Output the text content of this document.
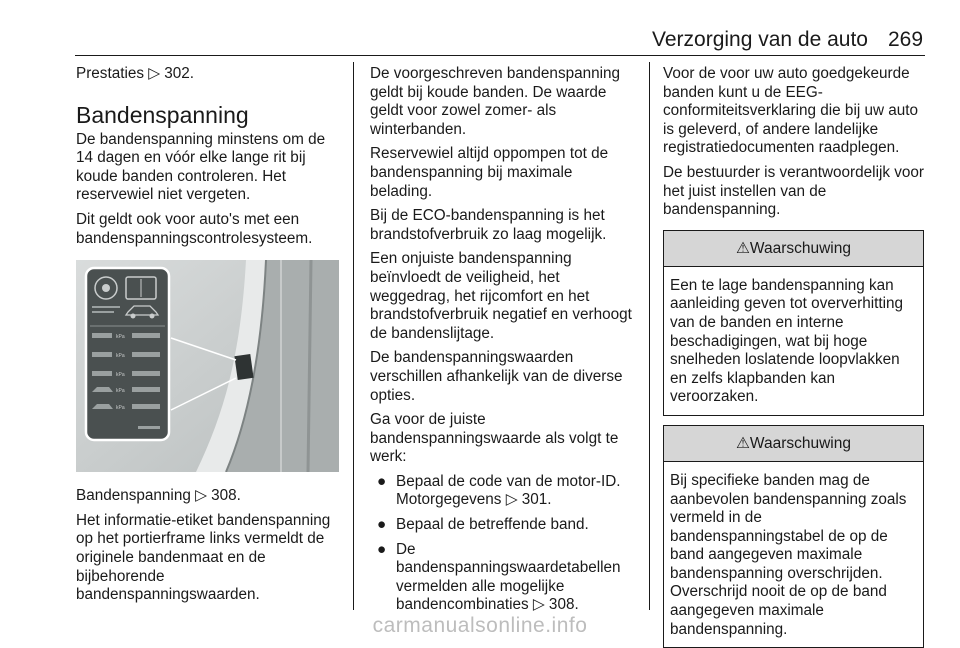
Verzorging van de auto 269

Prestaties ▷ 302.

Bandenspanning

De bandenspanning minstens om de 14 dagen en vóór elke lange rit bij koude banden controleren. Het reservewiel niet vergeten.

Dit geldt ook voor auto's met een bandenspanningscontrolesysteem.

kPa
kPa
kPa
kPa
kPa

Bandenspanning ▷ 308.

Het informatie-etiket bandenspanning op het portierframe links vermeldt de originele bandenmaat en de bijbehorende bandenspanningswaarden.

De voorgeschreven bandenspanning geldt bij koude banden. De waarde geldt voor zowel zomer- als winterbanden.

Reservewiel altijd oppompen tot de bandenspanning bij maximale belading.

Bij de ECO-bandenspanning is het brandstofverbruik zo laag mogelijk.

Een onjuiste bandenspanning beïnvloedt de veiligheid, het weggedrag, het rijcomfort en het brandstofverbruik negatief en verhoogt de bandenslijtage.

De bandenspanningswaarden verschillen afhankelijk van de diverse opties.

Ga voor de juiste bandenspanningswaarde als volgt te werk:

● Bepaal de code van de motor-ID. Motorgegevens ▷ 301.
● Bepaal de betreffende band.
● De bandenspanningswaardetabellen vermelden alle mogelijke bandencombinaties ▷ 308.

Voor de voor uw auto goedgekeurde banden kunt u de EEG-conformiteitsverklaring die bij uw auto is geleverd, of andere landelijke registratiedocumenten raadplegen.

De bestuurder is verantwoordelijk voor het juist instellen van de bandenspanning.

⚠Waarschuwing
Een te lage bandenspanning kan aanleiding geven tot oververhitting van de banden en interne beschadigingen, wat bij hoge snelheden loslatende loopvlakken en zelfs klapbanden kan veroorzaken.
⚠Waarschuwing
Bij specifieke banden mag de aanbevolen bandenspanning zoals vermeld in de bandenspanningstabel de op de band aangegeven maximale bandenspanning overschrijden. Overschrijd nooit de op de band aangegeven maximale bandenspanning.
carmanualsonline.info
